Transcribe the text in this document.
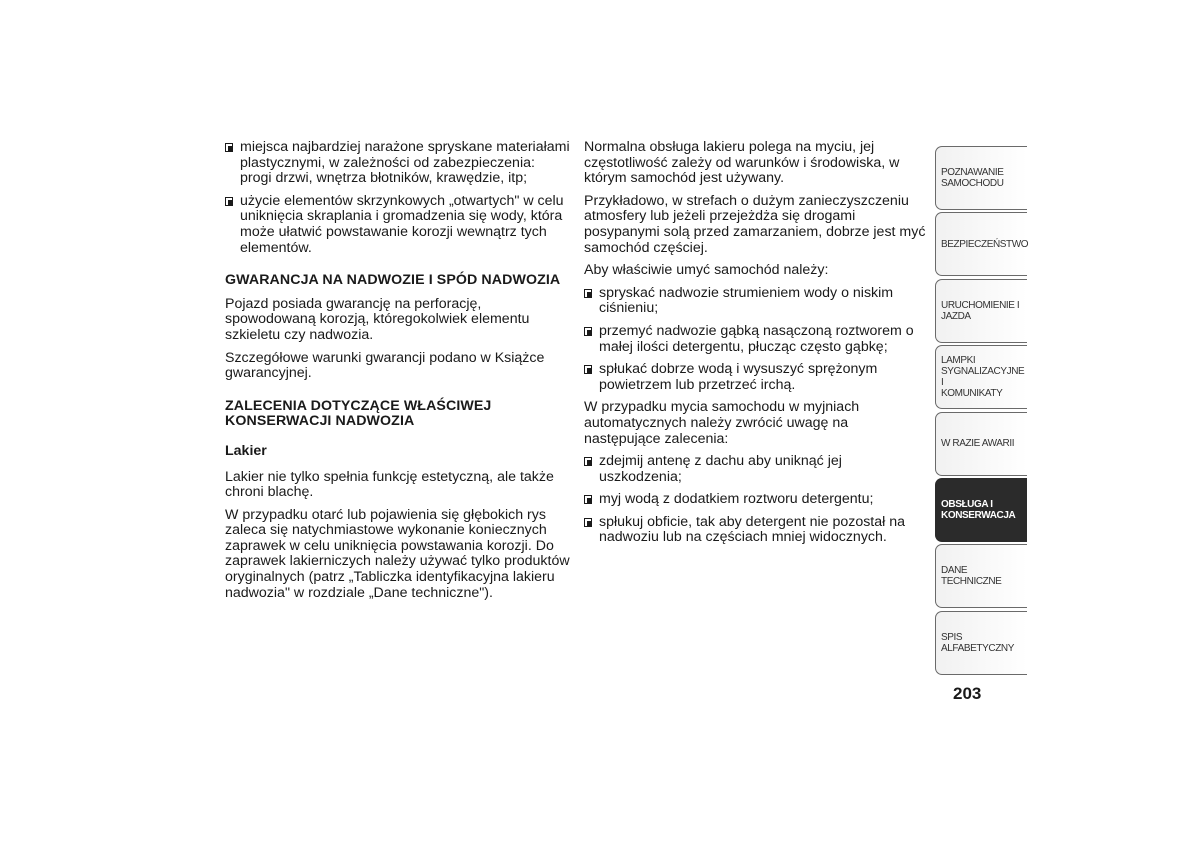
miejsca najbardziej narażone spryskane materiałami plastycznymi, w zależności od zabezpieczenia: progi drzwi, wnętrza błotników, krawędzie, itp;
użycie elementów skrzynkowych „otwartych" w celu uniknięcia skraplania i gromadzenia się wody, która może ułatwić powstawanie korozji wewnątrz tych elementów.
GWARANCJA NA NADWOZIE I SPÓD NADWOZIA

Pojazd posiada gwarancję na perforację, spowodowaną korozją, któregokolwiek elementu szkieletu czy nadwozia.

Szczegółowe warunki gwarancji podano w Książce gwarancyjnej.

ZALECENIA DOTYCZĄCE WŁAŚCIWEJ KONSERWACJI NADWOZIA
Lakier

Lakier nie tylko spełnia funkcję estetyczną, ale także chroni blachę.

W przypadku otarć lub pojawienia się głębokich rys zaleca się natychmiastowe wykonanie koniecznych zaprawek w celu uniknięcia powstawania korozji. Do zaprawek lakierniczych należy używać tylko produktów oryginalnych (patrz „Tabliczka identyfikacyjna lakieru nadwozia" w rozdziale „Dane techniczne").

Normalna obsługa lakieru polega na myciu, jej częstotliwość zależy od warunków i środowiska, w którym samochód jest używany.

Przykładowo, w strefach o dużym zanieczyszczeniu atmosfery lub jeżeli przejeżdża się drogami posypanymi solą przed zamarzaniem, dobrze jest myć samochód częściej.

Aby właściwie umyć samochód należy:

spryskać nadwozie strumieniem wody o niskim ciśnieniu;
przemyć nadwozie gąbką nasączoną roztworem o małej ilości detergentu, płucząc często gąbkę;
spłukać dobrze wodą i wysuszyć sprężonym powietrzem lub przetrzeć irchą.

W przypadku mycia samochodu w myjniach automatycznych należy zwrócić uwagę na następujące zalecenia:

zdejmij antenę z dachu aby uniknąć jej uszkodzenia;
myj wodą z dodatkiem roztworu detergentu;
spłukuj obficie, tak aby detergent nie pozostał na nadwoziu lub na częściach mniej widocznych.
POZNAWANIE
SAMOCHODU
BEZPIECZEŃSTWO
URUCHOMIENIE I
JAZDA
LAMPKI
SYGNALIZACYJNE I
KOMUNIKATY
W RAZIE AWARII
OBSŁUGA I
KONSERWACJA
DANE TECHNICZNE
SPIS ALFABETYCZNY
203
